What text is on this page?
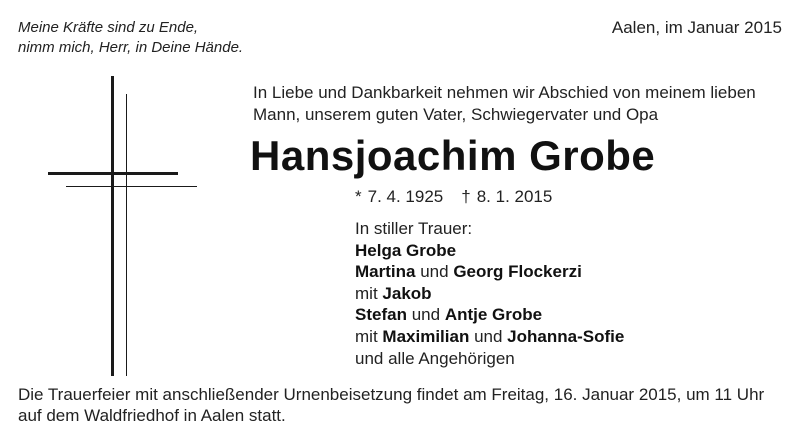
Meine Kräfte sind zu Ende,
nimm mich, Herr, in Deine Hände.
Aalen, im Januar 2015
In Liebe und Dankbarkeit nehmen wir Abschied von meinem lieben
Mann, unserem guten Vater, Schwiegervater und Opa
Hansjoachim Grobe
* 7. 4. 1925 † 8. 1. 2015
In stiller Trauer:
Helga Grobe
Martina und Georg Flockerzi
mit Jakob
Stefan und Antje Grobe
mit Maximilian und Johanna-Sofie
und alle Angehörigen
Die Trauerfeier mit anschließender Urnenbeisetzung findet am Freitag, 16. Januar 2015, um 11 Uhr
auf dem Waldfriedhof in Aalen statt.
